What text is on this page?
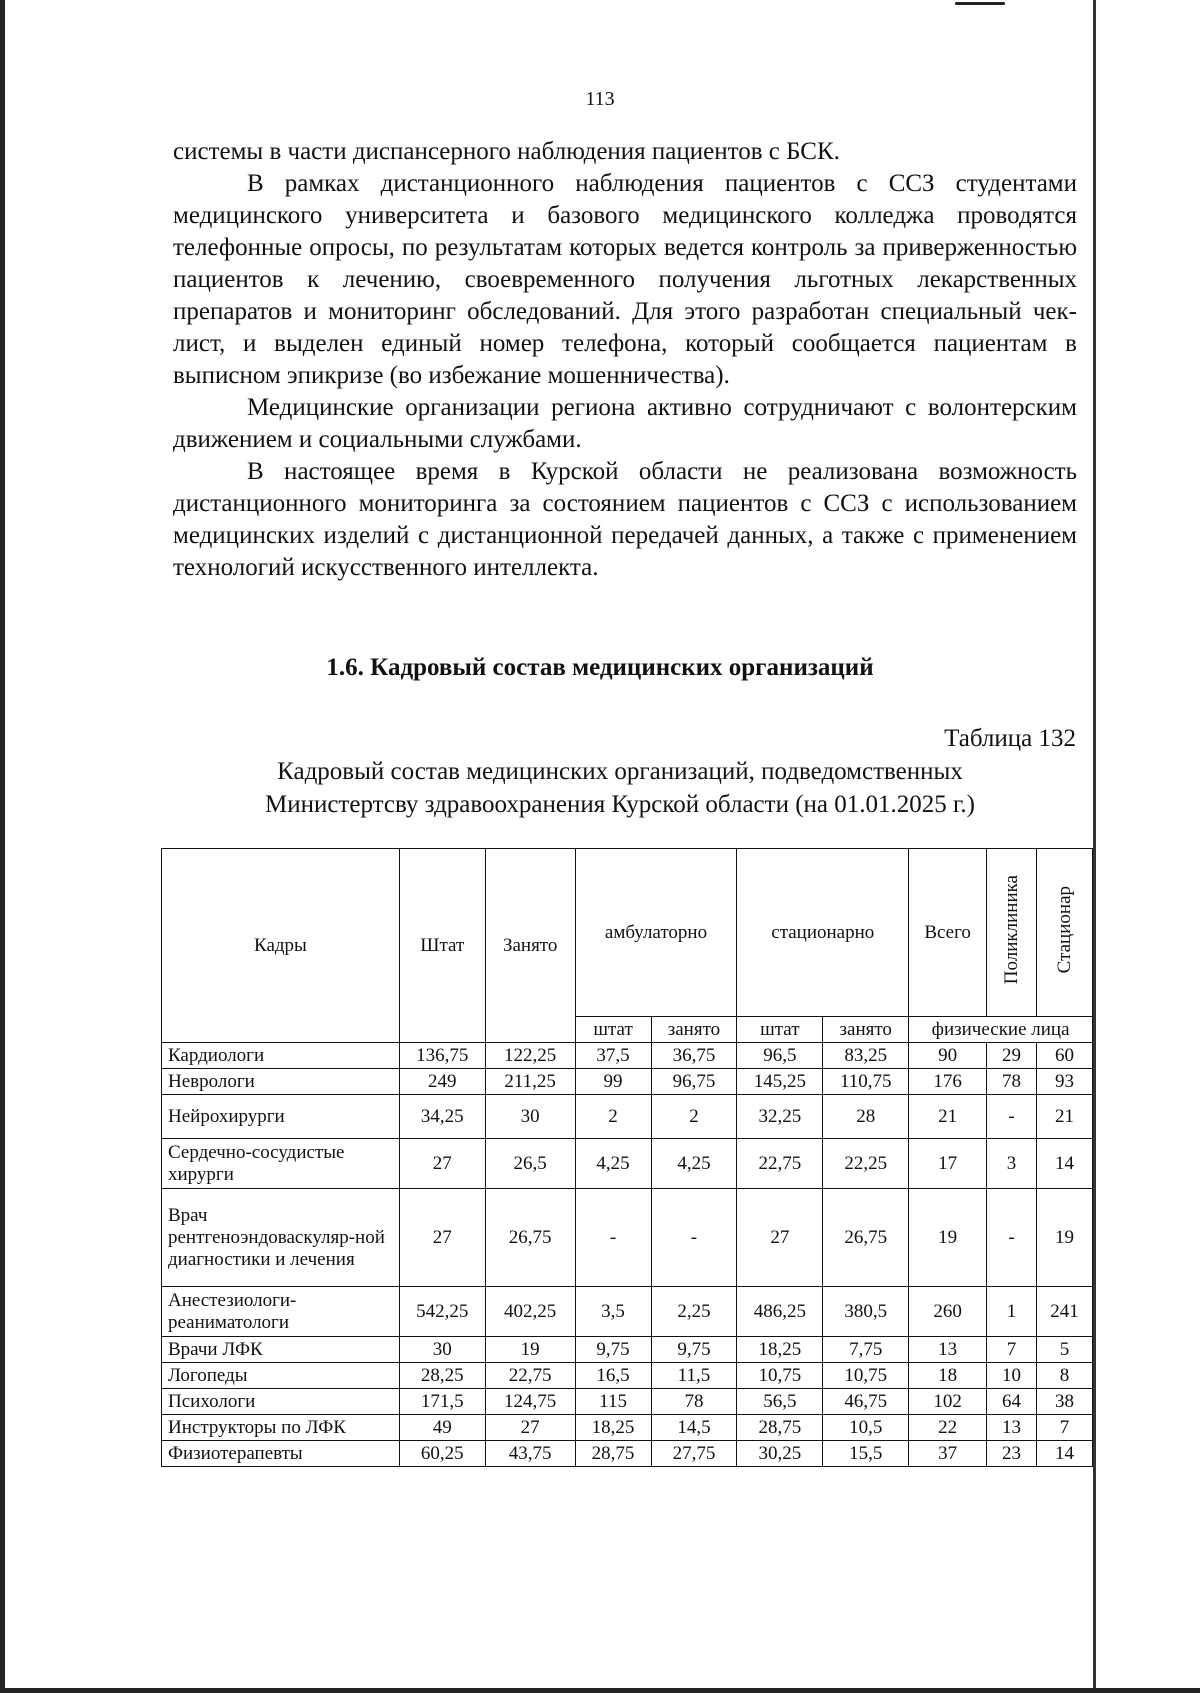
113

системы в части диспансерного наблюдения пациентов с БСК.

В рамках дистанционного наблюдения пациентов с ССЗ студентами медицинского университета и базового медицинского колледжа проводятся телефонные опросы, по результатам которых ведется контроль за приверженностью пациентов к лечению, своевременного получения льготных лекарственных препаратов и мониторинг обследований. Для этого разработан специальный чек-лист, и выделен единый номер телефона, который сообщается пациентам в выписном эпикризе (во избежание мошенничества).

Медицинские организации региона активно сотрудничают с волонтерским движением и социальными службами.

В настоящее время в Курской области не реализована возможность дистанционного мониторинга за состоянием пациентов с ССЗ с использованием медицинских изделий с дистанционной передачей данных, а также с применением технологий искусственного интеллекта.

1.6. Кадровый состав медицинских организаций
Таблица 132
Кадровый состав медицинских организаций, подведомственных
Министертсву здравоохранения Курской области (на 01.01.2025 г.)
Кадры	Штат	Занято	амбулаторно		стационарно		Всего	Поликлиника	Стационар
			штат	занято	штат	занято	физические лица		
Кардиологи	136,75	122,25	37,5	36,75	96,5	83,25	90	29	60
Неврологи	249	211,25	99	96,75	145,25	110,75	176	78	93
Нейрохирурги	34,25	30	2	2	32,25	28	21	-	21
Сердечно-сосудистые хирурги	27	26,5	4,25	4,25	22,75	22,25	17	3	14
Врач рентгеноэндоваскуляр-ной диагностики и лечения	27	26,75	-	-	27	26,75	19	-	19
Анестезиологи-реаниматологи	542,25	402,25	3,5	2,25	486,25	380,5	260	1	241
Врачи ЛФК	30	19	9,75	9,75	18,25	7,75	13	7	5
Логопеды	28,25	22,75	16,5	11,5	10,75	10,75	18	10	8
Психологи	171,5	124,75	115	78	56,5	46,75	102	64	38
Инструкторы по ЛФК	49	27	18,25	14,5	28,75	10,5	22	13	7
Физиотерапевты	60,25	43,75	28,75	27,75	30,25	15,5	37	23	14
